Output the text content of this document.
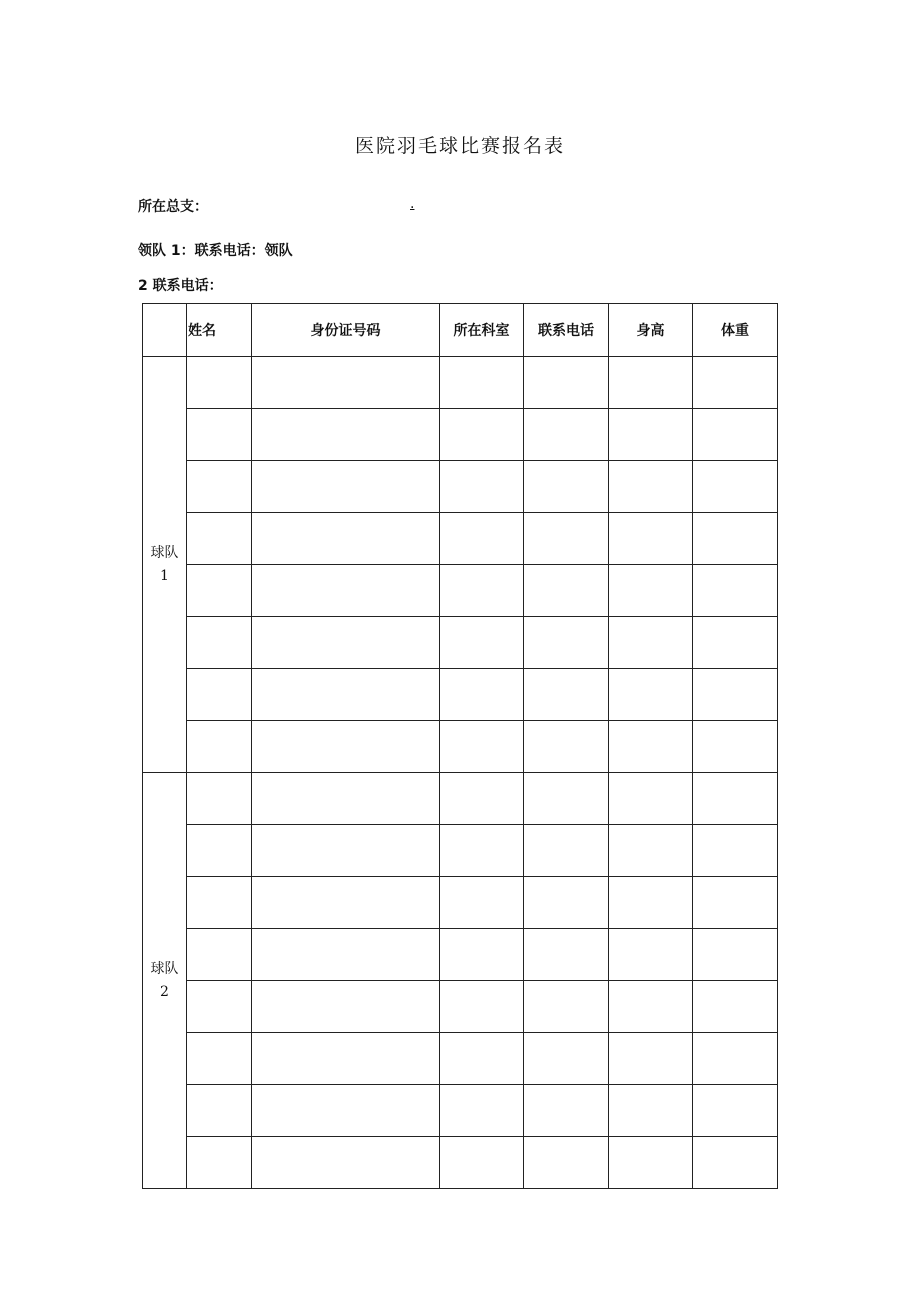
医院羽毛球比赛报名表
所在总支：	.
领队 1：联系电话：领队
2 联系电话：
	姓名	身份证号码	所在科室	联系电话	身高	体重
球队
1						

球队
2						
